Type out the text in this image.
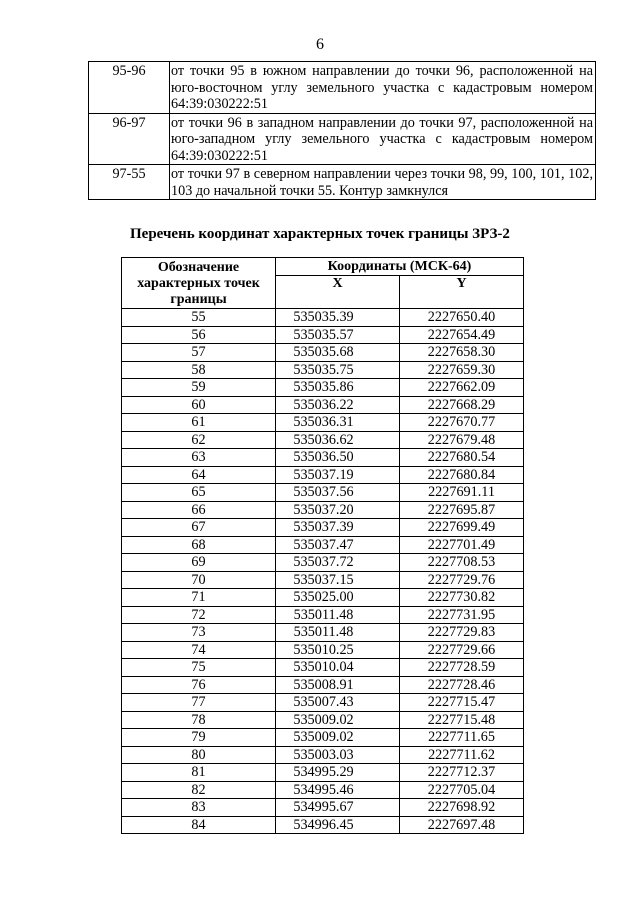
6
95-96	от точки 95 в южном направлении до точки 96, расположенной на юго-восточном углу земельного участка с кадастровым номером 64:39:030222:51
96-97	от точки 96 в западном направлении до точки 97, расположенной на юго-западном углу земельного участка с кадастровым номером 64:39:030222:51
97-55	от точки 97 в северном направлении через точки 98, 99, 100, 101, 102, 103 до начальной точки 55. Контур замкнулся
Перечень координат характерных точек границы ЗРЗ-2
Обозначение характерных точек границы	Координаты (МСК-64)	
	X	Y
55	535035.39	2227650.40
56	535035.57	2227654.49
57	535035.68	2227658.30
58	535035.75	2227659.30
59	535035.86	2227662.09
60	535036.22	2227668.29
61	535036.31	2227670.77
62	535036.62	2227679.48
63	535036.50	2227680.54
64	535037.19	2227680.84
65	535037.56	2227691.11
66	535037.20	2227695.87
67	535037.39	2227699.49
68	535037.47	2227701.49
69	535037.72	2227708.53
70	535037.15	2227729.76
71	535025.00	2227730.82
72	535011.48	2227731.95
73	535011.48	2227729.83
74	535010.25	2227729.66
75	535010.04	2227728.59
76	535008.91	2227728.46
77	535007.43	2227715.47
78	535009.02	2227715.48
79	535009.02	2227711.65
80	535003.03	2227711.62
81	534995.29	2227712.37
82	534995.46	2227705.04
83	534995.67	2227698.92
84	534996.45	2227697.48
